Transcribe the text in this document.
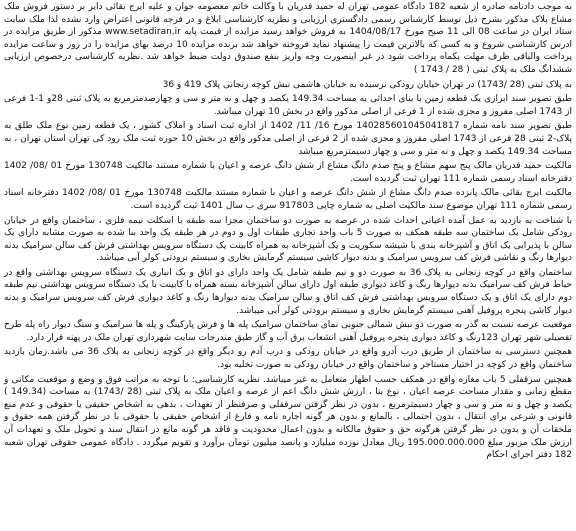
به موجب دادنامه صادره از شعبه 182 دادگاه عمومی تهران له حمید قدریان با وکالت خانم معصومه جوان و علیه ایرج بقائی دایر بر دستور فروش ملک مشاع پلاک مذکور بشرح ذیل توسط کارشناس رسمی دادگستری ارزیابی و نظریه کارشناسی ابلاغ و در فرجه قانونی اعتراض وارد نشده لذا ملک سابت ستاد ایران در ساعت 08 الی 11 صبح مورخ 1404/08/17 به فروش خواهد رسید مزایده از قیمت پایه www.setadiran.ir مذکور از طریق مزایده در ادرس کارشناسی شروع و به کسی که بالاترین قیمت را پیشنهاد نماید فروخته خواهد شد برنده مزایده 10 درصد بهای مزایده را در روز و ساعت مزایده پرداخت والباقی ظرف مهلت یکماه پرداخت شود در غیر اینصورت وجه واریز بنفع صندوق دولت ضبط خواهد شد .نظریه کارشناسی درخصوص ارزیابی ششدانگ ملک به پلاک ثبتی ( 28 / 1743 )

به پلاک ثبتی (28 /1743) در تهران خیابان رودکی نرسیده به خیابان هاشمی نبش کوچه زنجانی پلاک 419 و 36

طبق تصویر سند ابرازی یک قطعه زمین با بنای احداثی به مساحت 149.34 یکصد و چهل و نه متر و سی و چهارصدمترمربع به پلاک ثبتی 28و 1-1 فرعی از 1743 اصلی مفروز و مجزی شده از 1 فرعی از اصلی مذکور واقع در بخش 10 تهران میباشد.

طبق تصویر سند نامه شماره 140285601045041817 مورخ 16/ 11/ 1402 از اداره ثبت اسناد و املاک کشور ، یک قطعه زمین نوع ملک طلق به پلاک-2 ثبتی 28 فرعی از 1743 اصلی مفروز و مجزی شده از 2 فرعی از اصلی مذکور واقع در بخش 10 حوزه ثبت ملک رود کی تهران استان تهران ، به مساحت 149.34 یکصد و چهل و نه متر و سی و چهار دسیمترمربع میباشد

مالکیت حمید قدریان مالک پنج سهم مشاع و پنج صدم دانگ مشاع از شش دانگ عرصه و اعیان با شماره مستند مالکیت 130748 مورخ 01 /08/ 1402 دفترخانه اسناد رسمی شماره 111 تهران ثبت گردیده است.

مالکیت ایرج بقائی مالک پانزده صدم دانگ مشاع از شش دانگ عرصه و اعیان با شماره مستند مالکیت 130748 مورخ 01 /08/ 1402 دفترخانه اسناد رسمی شماره 111 تهران موضوع سند مالکیت اصلی به شماره چاپی 917803 سری ب سال 1401 ثبت گردیده است.

با شناخت به بازدید به عمل آمده اعیانی احداث شده در عرصه به صورت دو ساختمان مجزا سه طبقه با اسکلت نیمه فلزی ، ساختمان واقع در خیابان رودکی شامل یک ساختمان سه طبقه همکف به صورت 5 باب واحد تجاری طبقات اول و دوم در هر طبقه یک واحد بنا شده به صورت مشابه دارای یک سالن با پذیرایی یک اتاق و آشپزخانه بندی با شیشه سکوریت و یک آشپزخانه به همراه کابینت یک دستگاه سرویس بهداشتی فرش کف سالن سرامیک بدنه دیوارها رنگ و نقاشی فرش کف سرویس سرامیک و بدنه دیوار کاشی سیستم گرمایش بخاری و سیستم برودتی کولر آبی میباشد.

ساختمان واقع در کوچه زنجانی به پلاک 36 به صورت دو و نیم طبقه شامل یک واحد دارای دو اتاق و یک انباری یک دستگاه سرویس بهداشتی واقع در حیاط فرش کف سرامیک بدنه دیوارها رنگ و کاغذ دیواری طبقه اول دارای سالن آشپزخانه بسته همراه با کابینت با یک دستگاه سرویس بهداشتی نیم طبقه دوم دارای یک اتاق و یک دستگاه سرویس بهداشتی فرش کف اتاق و سالن سرامیک بدنه دیوارها رنگ و کاغذ دیواری فرش کف سرویس سرامیک و بدنه دیوار کاشی پنجره پروفیل آهنی سیستم گرمایش بخاری و سیستم برودتی کولر آبی میباشد.

موقعیت عرصه نسبت به گذر به صورت دو نبش شمالی جنوبی نمای ساختمان سرامیک پله ها و فرش پارکینگ و پله ها سرامیک و سنگ دیوار راه پله طرح تفصیلی شهر تهران 123رنگ و کاغذ دیواری پنجره پروفیل آهنی انشعاب برق آب و گاز طبق مندرجات سایت شهرداری تهران ملک در پهنه قرار دارد.

همچنین دسترسی به ساختمان از طریق درب آدرو واقع در خیابان رودکی و درب آدم رو دیگر واقع در کوچه زنجانی به پلاک 36 می باشد.زمان بازدید ساختمان واقع در کوچه در اختیار مستاجر و ساختمان واقع در خیابان رودکی به صورت تخلیه بود.

همچنین سرقفلی 5 باب مغازه واقع در همکف حسب اظهار متعامل به غیر میباشد. نظریه کارشناسی: با توجه به مراتب فوق و وضع و موقعیت مکانی و مقطع زمانی و مقدار مساحت عرصه اعیان ، نوع بنا ، ارزش شش دانگ اعم از عرصه و اعیان ملک به پلاک ثبتی (28 /1743) به مساحت (149.34 ) یکصد و چهل و نه متر و سی و چهار دسیمترمربع ، بدون در نظر گرفتن سرقفلی و صرفنظر از تعهدات ، بدهی به اشخاص حقیقی یا حقوقی و عدم منع قانونی و شرعی برای انتقال ، بدون احتمالی ، بالمانع و بدون هر گونه اجاره نامه و فارغ از اشخاص حقیقی یا حقوقی با در نظر گرفتن همه حقوق و ملحقات آن و بدون در نظر گرفتن هرگونه حق و حقوق مالکانه و بدون اعمال محدودیت و فاقد هر گونه مانع در انتقال سند و تحویل ملک و تعهدات آن ارزش ملک مزبور مبلغ 195.000.000.000 ریال معادل نوزده میلیارد و پانصد میلیون تومان برآورد و تقویم میگردد . دادگاه عمومی حقوقی تهران شعبه 182 دفتر اجرای احکام
